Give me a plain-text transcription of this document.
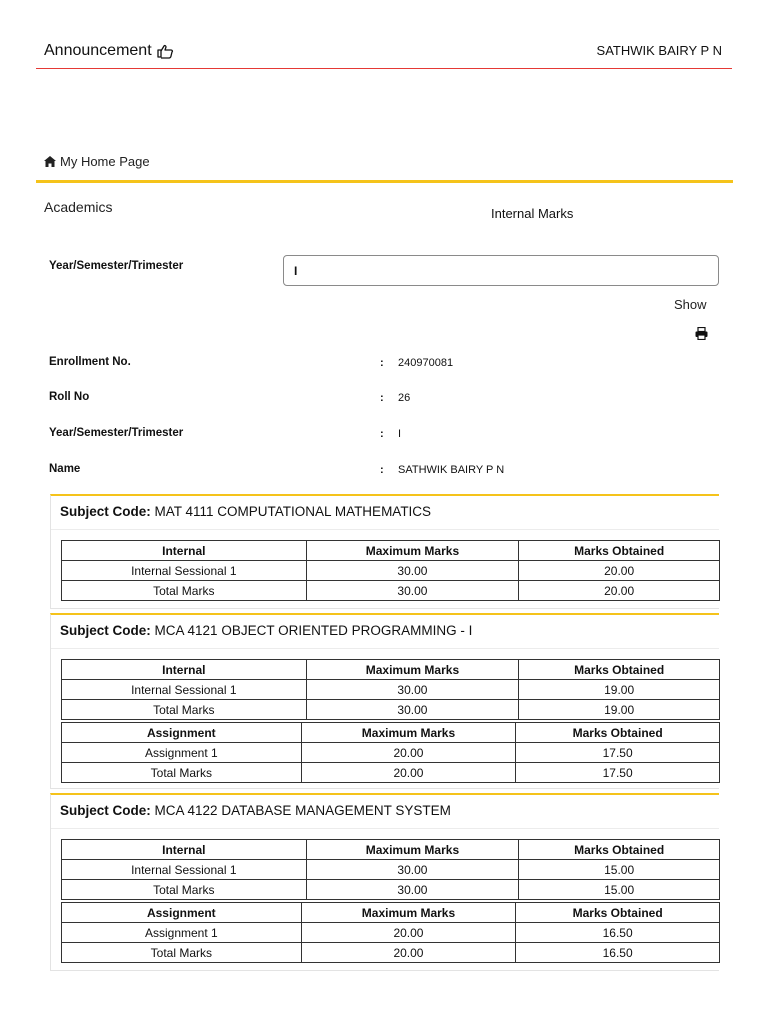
Announcement	SATHWIK BAIRY P N
My Home Page
Academics	Internal Marks
Year/Semester/Trimester	I
Show
Enrollment No.	: 240970081
Roll No	: 26
Year/Semester/Trimester	: I
Name	: SATHWIK BAIRY P N
Subject Code: MAT 4111 COMPUTATIONAL MATHEMATICS
Internal	Maximum Marks	Marks Obtained
Internal Sessional 1	30.00	20.00
Total Marks	30.00	20.00
Subject Code: MCA 4121 OBJECT ORIENTED PROGRAMMING - I
Internal	Maximum Marks	Marks Obtained
Internal Sessional 1	30.00	19.00
Total Marks	30.00	19.00
Assignment	Maximum Marks	Marks Obtained
Assignment 1	20.00	17.50
Total Marks	20.00	17.50
Subject Code: MCA 4122 DATABASE MANAGEMENT SYSTEM
Internal	Maximum Marks	Marks Obtained
Internal Sessional 1	30.00	15.00
Total Marks	30.00	15.00
Assignment	Maximum Marks	Marks Obtained
Assignment 1	20.00	16.50
Total Marks	20.00	16.50
